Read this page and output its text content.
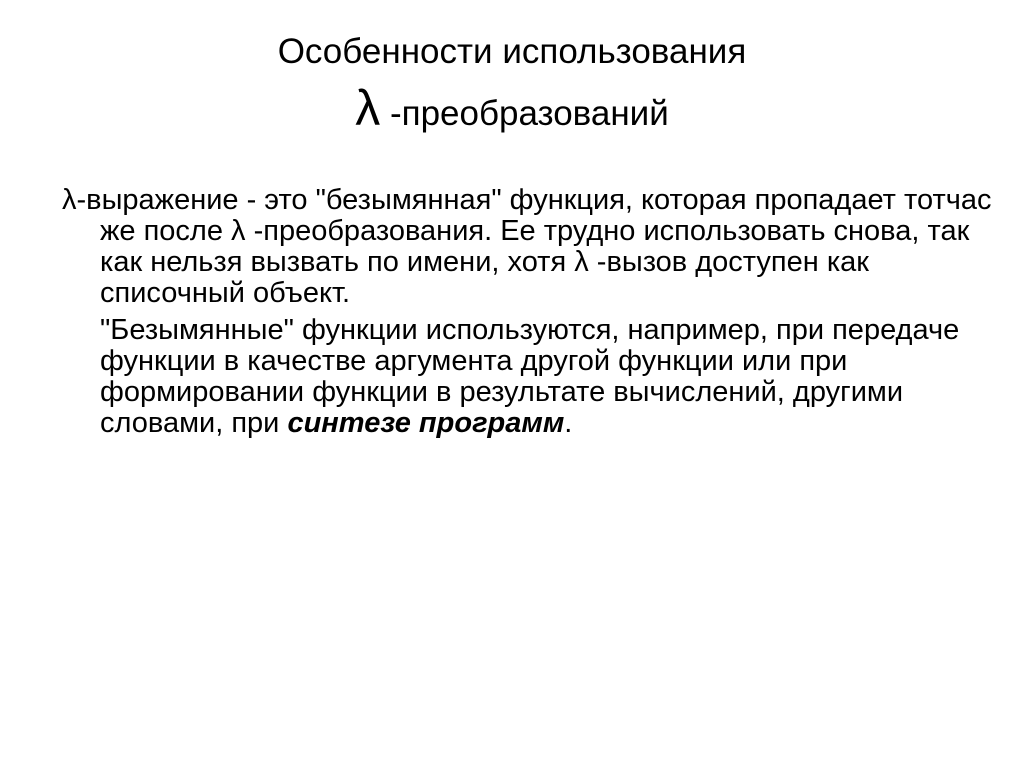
Особенности использования
λ -преобразований

λ-выражение - это "безымянная" функция, которая пропадает тотчас же после λ -преобразования. Ее трудно использовать снова, так как нельзя вызвать по имени, хотя λ -вызов доступен как списочный объект.

"Безымянные" функции используются, например, при передаче функции в качестве аргумента другой функции или при формировании функции в результате вычислений, другими словами, при синтезе программ.
